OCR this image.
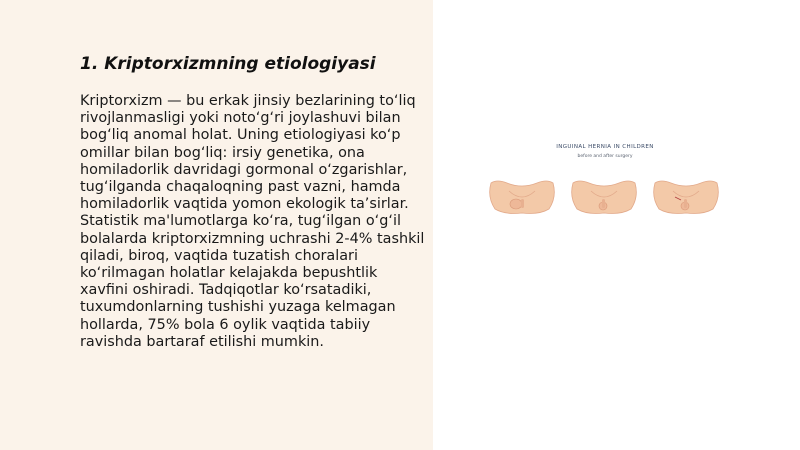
1. Kriptorxizmning etiologiyasi
Kriptorxizm — bu erkak jinsiy bezlarining to‘liq rivojlanmasligi yoki noto‘g‘ri joylashuvi bilan bog‘liq anomal holat. Uning etiologiyasi ko‘p omillar bilan bog‘liq: irsiy genetika, ona homiladorlik davridagi gormonal o‘zgarishlar, tug‘ilganda chaqaloqning past vazni, hamda homiladorlik vaqtida yomon ekologik ta’sirlar. Statistik ma'lumotlarga ko‘ra, tug‘ilgan o‘g‘il bolalarda kriptorxizmning uchrashi 2-4% tashkil qiladi, biroq, vaqtida tuzatish choralari ko‘rilmagan holatlar kelajakda bepushtlik xavfini oshiradi. Tadqiqotlar ko‘rsatadiki, tuxumdonlarning tushishi yuzaga kelmagan hollarda, 75% bola 6 oylik vaqtida tabiiy ravishda bartaraf etilishi mumkin.
INGUINAL HERNIA IN CHILDREN
before and after surgery
